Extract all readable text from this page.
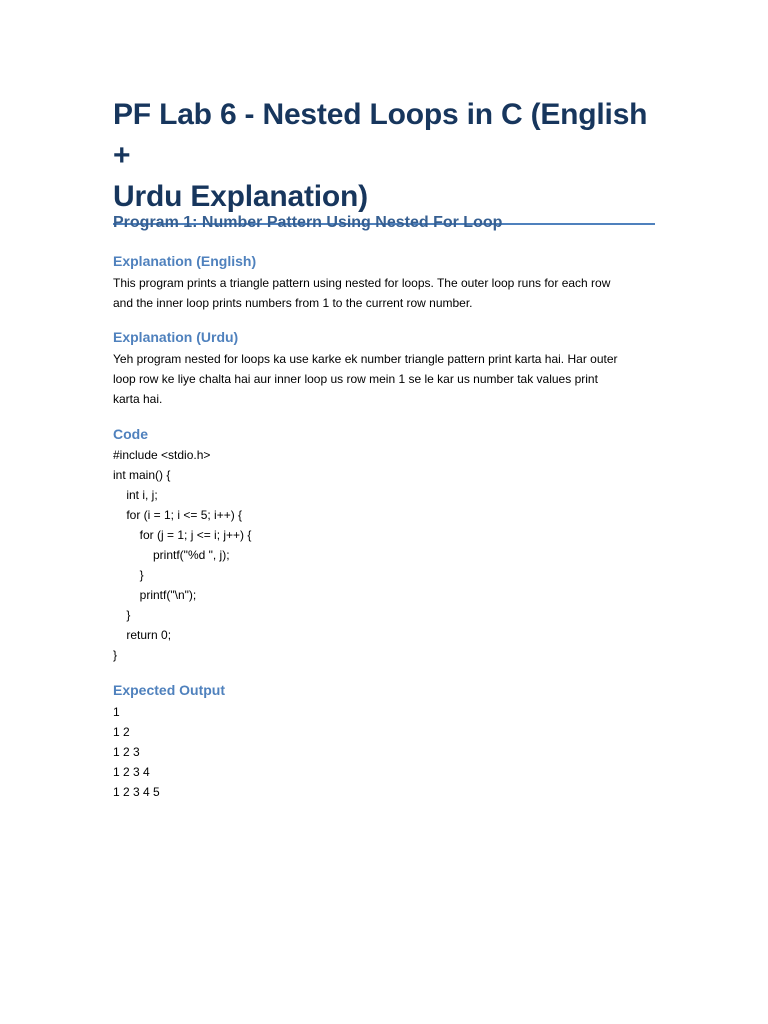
PF Lab 6 - Nested Loops in C (English +
Urdu Explanation)
Program 1: Number Pattern Using Nested For Loop
Explanation (English)
This program prints a triangle pattern using nested for loops. The outer loop runs for each row
and the inner loop prints numbers from 1 to the current row number.
Explanation (Urdu)
Yeh program nested for loops ka use karke ek number triangle pattern print karta hai. Har outer
loop row ke liye chalta hai aur inner loop us row mein 1 se le kar us number tak values print
karta hai.
Code
#include <stdio.h>
int main() {
int i, j;
for (i = 1; i <= 5; i++) {
for (j = 1; j <= i; j++) {
printf("%d ", j);
}
printf("\n");
}
return 0;
}
Expected Output
1
1 2
1 2 3
1 2 3 4
1 2 3 4 5
